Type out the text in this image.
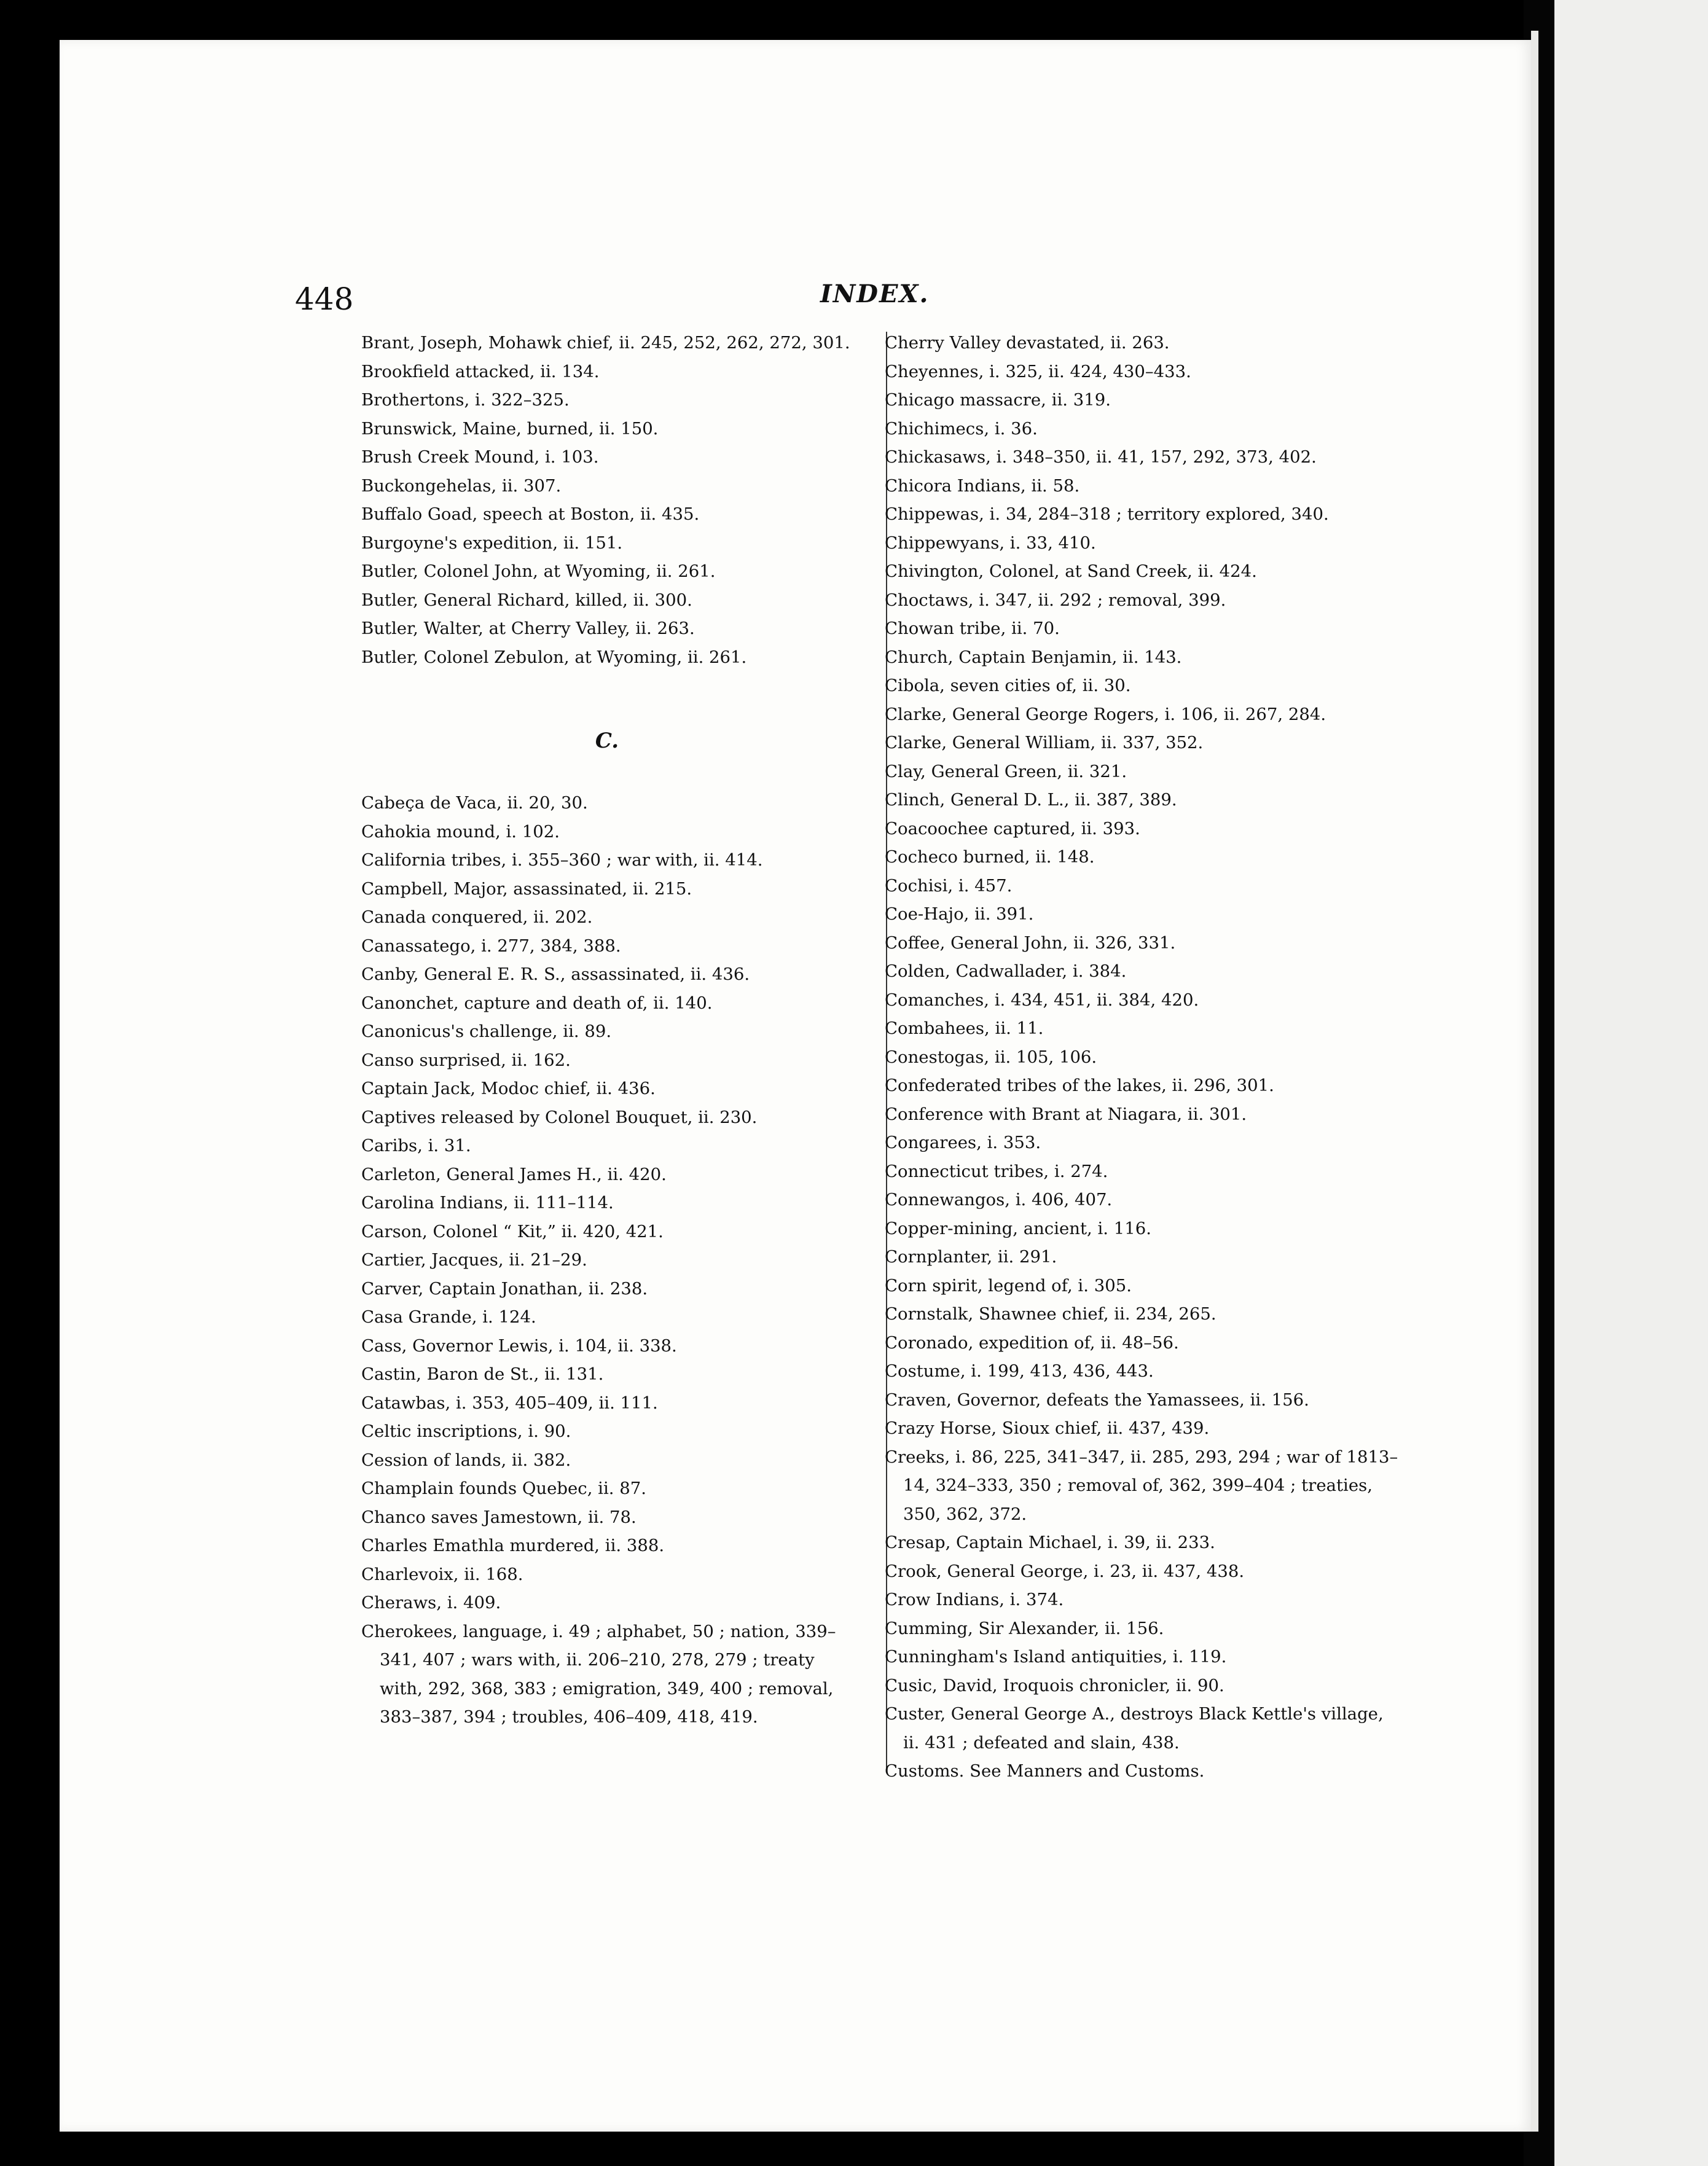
448	INDEX.

Brant, Joseph, Mohawk chief, ii. 245, 252, 262, 272, 301.

Brookfield attacked, ii. 134.

Brothertons, i. 322–325.

Brunswick, Maine, burned, ii. 150.

Brush Creek Mound, i. 103.

Buckongehelas, ii. 307.

Buffalo Goad, speech at Boston, ii. 435.

Burgoyne's expedition, ii. 151.

Butler, Colonel John, at Wyoming, ii. 261.

Butler, General Richard, killed, ii. 300.

Butler, Walter, at Cherry Valley, ii. 263.

Butler, Colonel Zebulon, at Wyoming, ii. 261.

C.

Cabeça de Vaca, ii. 20, 30.

Cahokia mound, i. 102.

California tribes, i. 355–360 ; war with, ii. 414.

Campbell, Major, assassinated, ii. 215.

Canada conquered, ii. 202.

Canassatego, i. 277, 384, 388.

Canby, General E. R. S., assassinated, ii. 436.

Canonchet, capture and death of, ii. 140.

Canonicus's challenge, ii. 89.

Canso surprised, ii. 162.

Captain Jack, Modoc chief, ii. 436.

Captives released by Colonel Bouquet, ii. 230.

Caribs, i. 31.

Carleton, General James H., ii. 420.

Carolina Indians, ii. 111–114.

Carson, Colonel “ Kit,” ii. 420, 421.

Cartier, Jacques, ii. 21–29.

Carver, Captain Jonathan, ii. 238.

Casa Grande, i. 124.

Cass, Governor Lewis, i. 104, ii. 338.

Castin, Baron de St., ii. 131.

Catawbas, i. 353, 405–409, ii. 111.

Celtic inscriptions, i. 90.

Cession of lands, ii. 382.

Champlain founds Quebec, ii. 87.

Chanco saves Jamestown, ii. 78.

Charles Emathla murdered, ii. 388.

Charlevoix, ii. 168.

Cheraws, i. 409.

Cherokees, language, i. 49 ; alphabet, 50 ; nation, 339–341, 407 ; wars with, ii. 206–210, 278, 279 ; treaty with, 292, 368, 383 ; emigration, 349, 400 ; removal, 383–387, 394 ; troubles, 406–409, 418, 419.

Cherry Valley devastated, ii. 263.

Cheyennes, i. 325, ii. 424, 430–433.

Chicago massacre, ii. 319.

Chichimecs, i. 36.

Chickasaws, i. 348–350, ii. 41, 157, 292, 373, 402.

Chicora Indians, ii. 58.

Chippewas, i. 34, 284–318 ; territory explored, 340.

Chippewyans, i. 33, 410.

Chivington, Colonel, at Sand Creek, ii. 424.

Choctaws, i. 347, ii. 292 ; removal, 399.

Chowan tribe, ii. 70.

Church, Captain Benjamin, ii. 143.

Cibola, seven cities of, ii. 30.

Clarke, General George Rogers, i. 106, ii. 267, 284.

Clarke, General William, ii. 337, 352.

Clay, General Green, ii. 321.

Clinch, General D. L., ii. 387, 389.

Coacoochee captured, ii. 393.

Cocheco burned, ii. 148.

Cochisi, i. 457.

Coe-Hajo, ii. 391.

Coffee, General John, ii. 326, 331.

Colden, Cadwallader, i. 384.

Comanches, i. 434, 451, ii. 384, 420.

Combahees, ii. 11.

Conestogas, ii. 105, 106.

Confederated tribes of the lakes, ii. 296, 301.

Conference with Brant at Niagara, ii. 301.

Congarees, i. 353.

Connecticut tribes, i. 274.

Connewangos, i. 406, 407.

Copper-mining, ancient, i. 116.

Cornplanter, ii. 291.

Corn spirit, legend of, i. 305.

Cornstalk, Shawnee chief, ii. 234, 265.

Coronado, expedition of, ii. 48–56.

Costume, i. 199, 413, 436, 443.

Craven, Governor, defeats the Yamassees, ii. 156.

Crazy Horse, Sioux chief, ii. 437, 439.

Creeks, i. 86, 225, 341–347, ii. 285, 293, 294 ; war of 1813–14, 324–333, 350 ; removal of, 362, 399–404 ; treaties, 350, 362, 372.

Cresap, Captain Michael, i. 39, ii. 233.

Crook, General George, i. 23, ii. 437, 438.

Crow Indians, i. 374.

Cumming, Sir Alexander, ii. 156.

Cunningham's Island antiquities, i. 119.

Cusic, David, Iroquois chronicler, ii. 90.

Custer, General George A., destroys Black Kettle's village, ii. 431 ; defeated and slain, 438.

Customs. See Manners and Customs.
